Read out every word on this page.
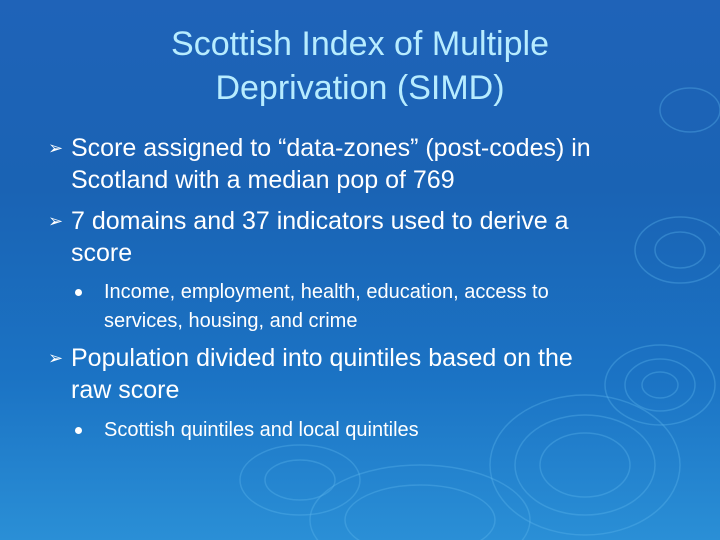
Scottish Index of Multiple
Deprivation (SIMD)
➢ Score assigned to “data-zones” (post-codes) in
Scotland with a median pop of 769
➢ 7 domains and 37 indicators used to derive a
score
Income, employment, health, education, access to
services, housing, and crime
➢ Population divided into quintiles based on the
raw score
Scottish quintiles and local quintiles
